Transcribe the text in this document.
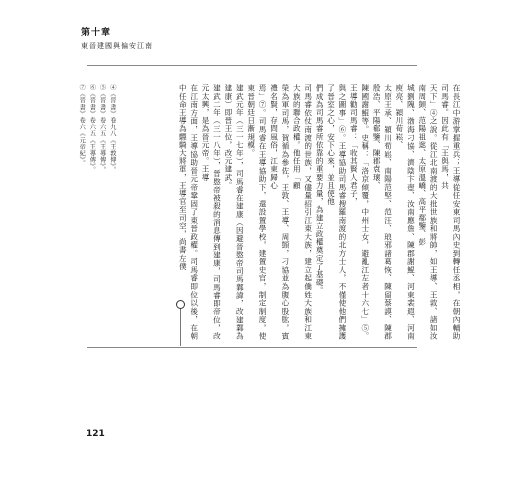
第十章
東晉建國與偏安江南
在長江中游掌握重兵；王導從任安東司馬內史到轉任丞相，在朝內輔助司馬睿。因此有「王與馬，共
天下」④之說。從江北南渡的大批世族和將帥，如王導、王敦、諸如汝南周顗、范陽祖逖、太原溫嶠、高平郗鑒、彭
城劉隗、渤海刁協、濟陰卞壺、汝南應詹、陳郡謝鯤、河東裴遐、河南庾亮、潁川荀崧、
太原王承、潁川荀崧、南陽范堅、范汪、琅邪諸葛恢、陳留蔡謨、陳郡殷浩、平陽郗鑒、陳郡袁瓌、
陳國謝鯤等。史稱：「洛京傾覆，中州士女，避亂江左者十六七」⑤。王導勸司馬睿：「收其賢人君子，
與之圖事」⑥。王導協助司馬睿搜羅南渡的北方士人，不僅使他們擁護了晉室之心，安下心來，並且使他
們成為司馬睿所依靠的重要力量，為建立政權奠定了基礎。
司馬睿依仗南渡的世族，又儘量招引江東大族，建立起僑姓大族和江東大族的聯合政權。他任用「顧
榮為軍司馬，賀循為參佐，王敦、王導、周顗，刁協並為腹心股肱，賓禮名賢，存問風俗，江東歸心
焉」⑦。司馬睿在王導協助下，還設置學校，建置史官，制定制度，使東晉朝廷日漸規模。
建武元年（三一七年），司馬睿在建康（因避晉愍帝司馬鄴諱，改建鄴為建康）即晉王位，改元建武。
建武二年（三一八年），晉愍帝被殺的消息傳到建康，司馬睿即帝位，改元太興，是為晉元帝。王導
在江南方面，王導協助晉元帝鞏固了東晉政權。司馬睿即位以後，在朝中任命王導為驃騎大將軍，王導官至司空，尚書左僕
④《晉書》卷九八《王敦傳》。
⑤《晉書》卷六五《王導傳》。
⑥《晉書》卷六五《王導傳》。
⑦《晉書》卷六《元帝紀》。
121
